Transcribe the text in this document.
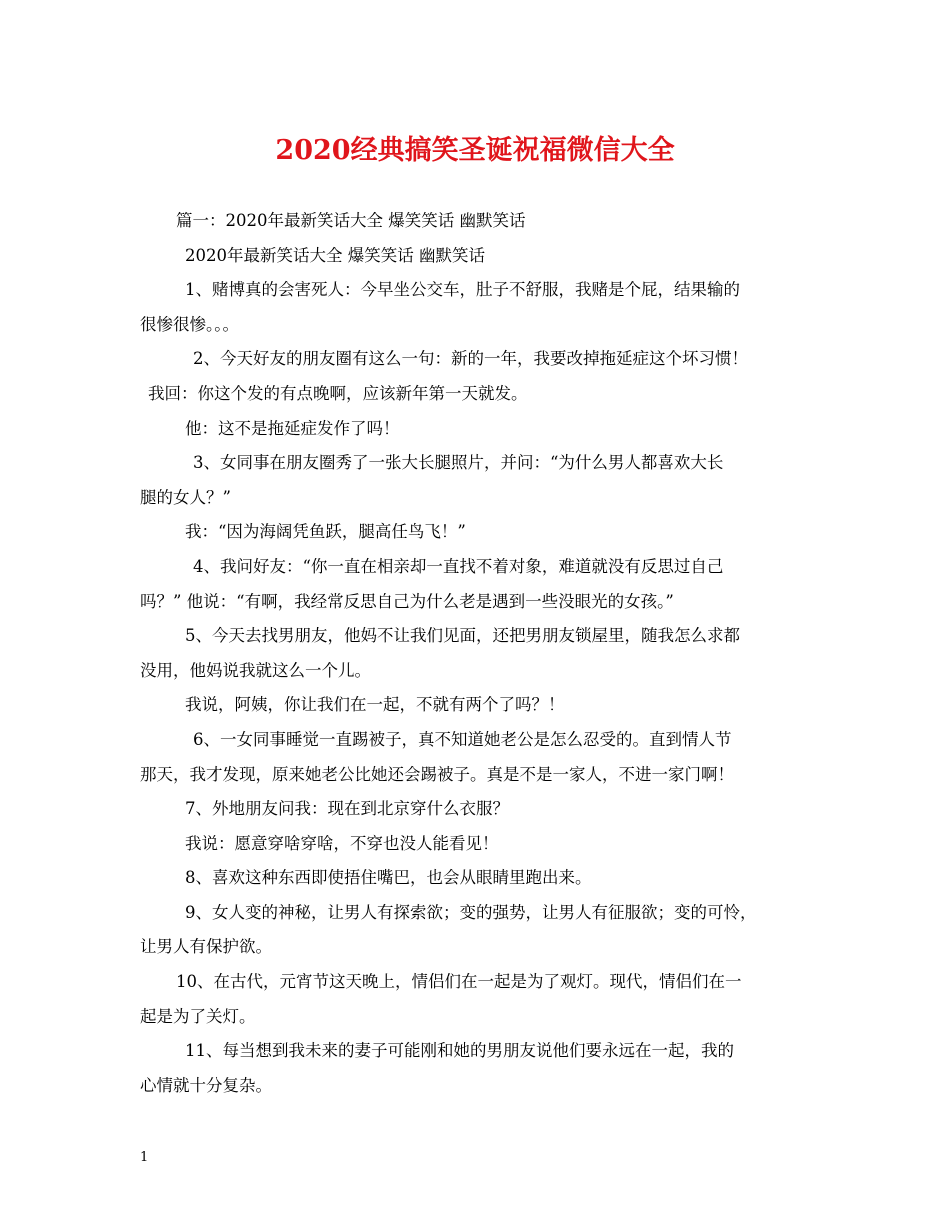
2020经典搞笑圣诞祝福微信大全
篇一：2020年最新笑话大全 爆笑笑话 幽默笑话
2020年最新笑话大全 爆笑笑话 幽默笑话
1、赌博真的会害死人：今早坐公交车，肚子不舒服，我赌是个屁，结果输的
很惨很惨。。。
2、今天好友的朋友圈有这么一句：新的一年，我要改掉拖延症这个坏习惯！
我回：你这个发的有点晚啊，应该新年第一天就发。
他：这不是拖延症发作了吗！
3、女同事在朋友圈秀了一张大长腿照片，并问：“为什么男人都喜欢大长
腿的女人？”
我：“因为海阔凭鱼跃，腿高任鸟飞！”
4、我问好友：“你一直在相亲却一直找不着对象，难道就没有反思过自己
吗？” 他说：“有啊，我经常反思自己为什么老是遇到一些没眼光的女孩。”
5、今天去找男朋友，他妈不让我们见面，还把男朋友锁屋里，随我怎么求都
没用，他妈说我就这么一个儿。
我说，阿姨，你让我们在一起，不就有两个了吗？！
6、一女同事睡觉一直踢被子，真不知道她老公是怎么忍受的。直到情人节
那天，我才发现，原来她老公比她还会踢被子。真是不是一家人，不进一家门啊！
7、外地朋友问我：现在到北京穿什么衣服？
我说：愿意穿啥穿啥，不穿也没人能看见！
8、喜欢这种东西即使捂住嘴巴，也会从眼睛里跑出来。
9、女人变的神秘，让男人有探索欲；变的强势，让男人有征服欲；变的可怜，
让男人有保护欲。
10、在古代，元宵节这天晚上，情侣们在一起是为了观灯。现代，情侣们在一
起是为了关灯。
11、每当想到我未来的妻子可能刚和她的男朋友说他们要永远在一起，我的
心情就十分复杂。
1
